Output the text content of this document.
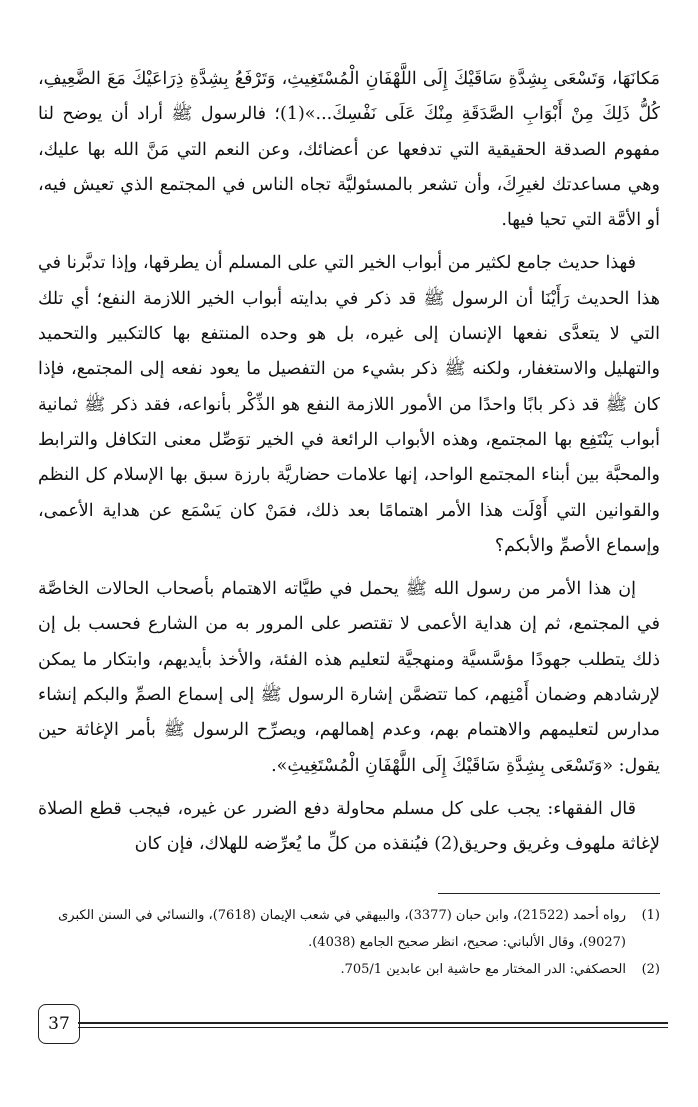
مَكانَهَا، وَتَسْعَى بِشِدَّةِ سَاقَيْكَ إِلَى اللَّهْفَانِ الْمُسْتَغِيثِ، وَتَرْفَعُ بِشِدَّةِ ذِرَاعَيْكَ مَعَ الضَّعِيفِ، كُلُّ ذَلِكَ مِنْ أَبْوَابِ الصَّدَقَةِ مِنْكَ عَلَى نَفْسِكَ...»(1)؛ فالرسول ﷺ أراد أن يوضح لنا مفهوم الصدقة الحقيقية التي تدفعها عن أعضائك، وعن النعم التي مَنَّ الله بها عليك، وهي مساعدتك لغيرِكَ، وأن تشعر بالمسئوليَّة تجاه الناس في المجتمع الذي تعيش فيه، أو الأمَّة التي تحيا فيها.

فهذا حديث جامع لكثير من أبواب الخير التي على المسلم أن يطرقها، وإذا تدبَّرنا في هذا الحديث رَأَيْنَا أن الرسول ﷺ قد ذكر في بدايته أبواب الخير اللازمة النفع؛ أي تلك التي لا يتعدَّى نفعها الإنسان إلى غيره، بل هو وحده المنتفع بها كالتكبير والتحميد والتهليل والاستغفار، ولكنه ﷺ ذكر بشيء من التفصيل ما يعود نفعه إلى المجتمع، فإذا كان ﷺ قد ذكر بابًا واحدًا من الأمور اللازمة النفع هو الذِّكْر بأنواعه، فقد ذكر ﷺ ثمانية أبواب يَنْتَفِع بها المجتمع، وهذه الأبواب الرائعة في الخير توَصِّل معنى التكافل والترابط والمحبَّة بين أبناء المجتمع الواحد، إنها علامات حضاريَّة بارزة سبق بها الإسلام كل النظم والقوانين التي أَوْلَت هذا الأمر اهتمامًا بعد ذلك، فمَنْ كان يَسْمَع عن هداية الأعمى، وإسماع الأصمِّ والأبكم؟

إن هذا الأمر من رسول الله ﷺ يحمل في طيَّاته الاهتمام بأصحاب الحالات الخاصَّة في المجتمع، ثم إن هداية الأعمى لا تقتصر على المرور به من الشارع فحسب بل إن ذلك يتطلب جهودًا مؤسَّسيَّة ومنهجيَّة لتعليم هذه الفئة، والأخذ بأيديهم، وابتكار ما يمكن لإرشادهم وضمان أَمْنِهم، كما تتضمَّن إشارة الرسول ﷺ إلى إسماع الصمِّ والبكم إنشاء مدارس لتعليمهم والاهتمام بهم، وعدم إهمالهم، ويصرِّح الرسول ﷺ بأمر الإغاثة حين يقول: «وَتَسْعَى بِشِدَّةِ سَاقَيْكَ إِلَى اللَّهْفَانِ الْمُسْتَغِيثِ».

قال الفقهاء: يجب على كل مسلم محاولة دفع الضرر عن غيره، فيجب قطع الصلاة لإغاثة ملهوف وغريق وحريق(2) فيُنقذه من كلِّ ما يُعرِّضه للهلاك، فإن كان

(1)
رواه أحمد (21522)، وابن حبان (3377)، والبيهقي في شعب الإيمان (7618)، والنسائي في السنن الكبرى (9027)، وقال الألباني: صحيح، انظر صحيح الجامع (4038).
(2)
الحصكفي: الدر المختار مع حاشية ابن عابدين 705/1.
37
